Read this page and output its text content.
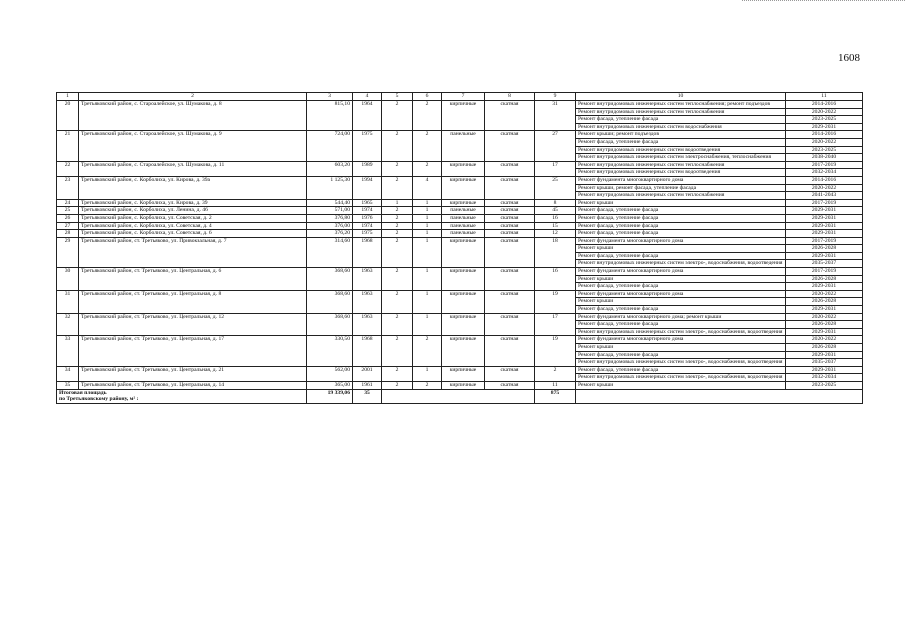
1608
1	2	3	4	5	6	7	8	9	10	11
20	Третьяковский район, с. Староалейское, ул. Шумакова, д. 8	815,10	1964	2	2	кирпичные	скатная	31	Ремонт внутридомовых инженерных систем теплоснабжения; ремонт подъездов	2014-2016
									Ремонт внутридомовых инженерных систем теплоснабжения	2020-2022
									Ремонт фасада, утепление фасада	2023-2025
									Ремонт внутридомовых инженерных систем водоснабжения	2029-2031
21	Третьяковский район, с. Староалейское, ул. Шумакова, д. 9	724,00	1975	2	2	панельные	скатная	27	Ремонт крыши; ремонт подъездов	2014-2016
									Ремонт фасада, утепление фасада	2020-2022
									Ремонт внутридомовых инженерных систем водоотведения	2023-2025
									Ремонт внутридомовых инженерных систем электроснабжения, теплоснабжения	2038-2040
22	Третьяковский район, с. Староалейское, ул. Шумакова, д. 11	603,20	1989	2	2	кирпичные	скатная	17	Ремонт внутридомовых инженерных систем теплоснабжения	2017-2019
									Ремонт внутридомовых инженерных систем водоотведения	2032-2034
23	Третьяковский район, с. Корболиха, ул. Кирова, д. 39а	1 125,30	1994	2	4	кирпичные	скатная	25	Ремонт фундамента многоквартирного дома	2014-2016
									Ремонт крыши, ремонт фасада, утепление фасада	2020-2022
									Ремонт внутридомовых инженерных систем теплоснабжения	2041-2043
24	Третьяковский район, с. Корболиха, ул. Кирова, д. 39	544,40	1965	1	1	кирпичные	скатная	8	Ремонт крыши	2017-2019
25	Третьяковский район, с. Корболиха, ул. Ленина, д. 46	571,00	1974	2	1	панельные	скатная	45	Ремонт фасада, утепление фасада	2029-2031
26	Третьяковский район, с. Корболиха, ул. Советская, д. 2	376,80	1976	2	1	панельные	скатная	16	Ремонт фасада, утепление фасада	2029-2031
27	Третьяковский район, с. Корболиха, ул. Советская, д. 4	376,00	1974	2	1	панельные	скатная	15	Ремонт фасада, утепление фасада	2029-2031
28	Третьяковский район, с. Корболиха, ул. Советская, д. 6	376,20	1975	2	1	панельные	скатная	12	Ремонт фасада, утепление фасада	2029-2031
29	Третьяковский район, ст. Третьяково, ул. Привокзальная, д. 7	314,60	1968	2	1	кирпичные	скатная	18	Ремонт фундамента многоквартирного дома	2017-2019
									Ремонт крыши	2026-2028
									Ремонт фасада, утепление фасада	2029-2031
									Ремонт внутридомовых инженерных систем электро-, водоснабжения, водоотведения	2035-2037
30	Третьяковский район, ст. Третьяково, ул. Центральная, д. 6	368,60	1963	2	1	кирпичные	скатная	16	Ремонт фундамента многоквартирного дома	2017-2019
									Ремонт крыши	2026-2028
									Ремонт фасада, утепление фасада	2029-2031
31	Третьяковский район, ст. Третьяково, ул. Центральная, д. 8	368,60	1963	2	1	кирпичные	скатная	19	Ремонт фундамента многоквартирного дома	2020-2022
									Ремонт крыши	2026-2028
									Ремонт фасада, утепление фасада	2029-2031
32	Третьяковский район, ст. Третьяково, ул. Центральная, д. 12	368,60	1963	2	1	кирпичные	скатная	17	Ремонт фундамента многоквартирного дома; ремонт крыши	2020-2022
									Ремонт фасада, утепление фасада	2026-2028
									Ремонт внутридомовых инженерных систем электро-, водоснабжения, водоотведения	2029-2031
33	Третьяковский район, ст. Третьяково, ул. Центральная, д. 17	330,50	1968	2	2	кирпичные	скатная	19	Ремонт фундамента многоквартирного дома	2020-2022
									Ремонт крыши	2026-2028
									Ремонт фасада, утепление фасада	2029-2031
									Ремонт внутридомовых инженерных систем электро-, водоснабжения, водоотведения	2035-2037
34	Третьяковский район, ст. Третьяково, ул. Центральная, д. 21	562,00	2001	2	1	кирпичные	скатная	2	Ремонт фасада, утепление фасада	2029-2031
									Ремонт внутридомовых инженерных систем электро-, водоснабжения, водоотведения	2032-2034
35	Третьяковский район, ст. Третьяково, ул. Центральная, д. 14	365,00	1961	2	2	кирпичные	скатная	11	Ремонт крыши	2023-2025

Итоговая площадь
по Третьяковскому району, м² :		19 339,06	35					875		
